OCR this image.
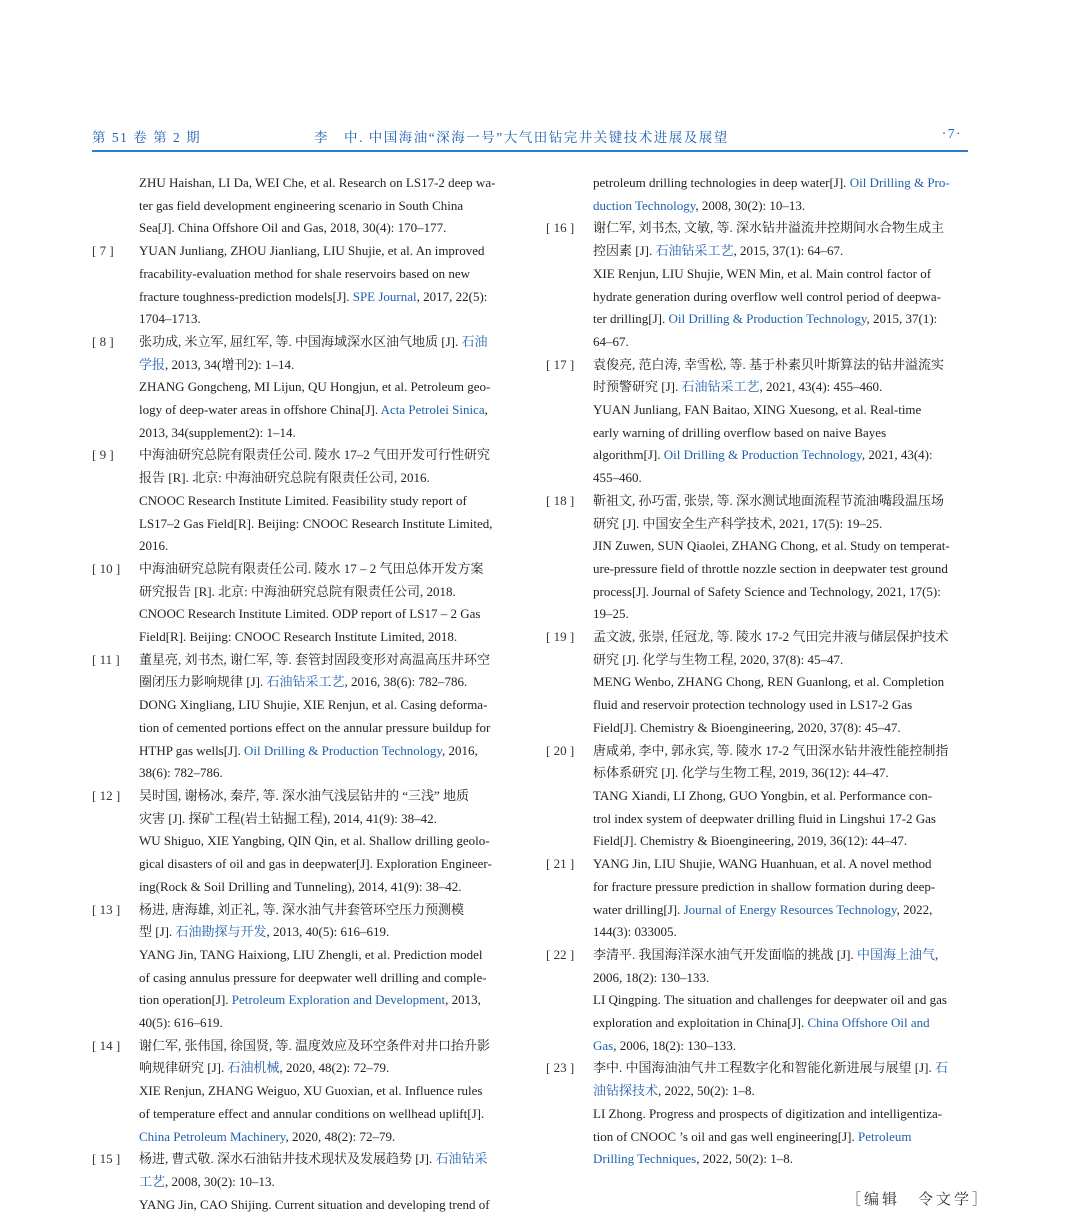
第 51 卷 第 2 期	李　中. 中国海油“深海一号”大气田钻完井关键技术进展及展望	·7·
ZHU Haishan, LI Da, WEI Che, et al. Research on LS17-2 deep wa-
ter gas field development engineering scenario in South China
Sea[J]. China Offshore Oil and Gas, 2018, 30(4): 170–177.
[ 7 ]	YUAN Junliang, ZHOU Jianliang, LIU Shujie, et al. An improved
fracability-evaluation method for shale reservoirs based on new
fracture toughness-prediction models[J]. SPE Journal, 2017, 22(5):
1704–1713.
[ 8 ]	张功成, 米立军, 屈红军, 等. 中国海域深水区油气地质 [J]. 石油
学报, 2013, 34(增刊2): 1–14.
ZHANG Gongcheng, MI Lijun, QU Hongjun, et al. Petroleum geo-
logy of deep-water areas in offshore China[J]. Acta Petrolei Sinica,
2013, 34(supplement2): 1–14.
[ 9 ]	中海油研究总院有限责任公司. 陵水 17–2 气田开发可行性研究
报告 [R]. 北京: 中海油研究总院有限责任公司, 2016.
CNOOC Research Institute Limited. Feasibility study report of
LS17–2 Gas Field[R]. Beijing: CNOOC Research Institute Limited,
2016.
[ 10 ]	中海油研究总院有限责任公司. 陵水 17 – 2 气田总体开发方案
研究报告 [R]. 北京: 中海油研究总院有限责任公司, 2018.
CNOOC Research Institute Limited. ODP report of LS17 – 2 Gas
Field[R]. Beijing: CNOOC Research Institute Limited, 2018.
[ 11 ]	董星亮, 刘书杰, 谢仁军, 等. 套管封固段变形对高温高压井环空
圈闭压力影响规律 [J]. 石油钻采工艺, 2016, 38(6): 782–786.
DONG Xingliang, LIU Shujie, XIE Renjun, et al. Casing deforma-
tion of cemented portions effect on the annular pressure buildup for
HTHP gas wells[J]. Oil Drilling & Production Technology, 2016,
38(6): 782–786.
[ 12 ]	吴时国, 谢杨冰, 秦芹, 等. 深水油气浅层钻井的 “三浅” 地质
灾害 [J]. 探矿工程(岩土钻掘工程), 2014, 41(9): 38–42.
WU Shiguo, XIE Yangbing, QIN Qin, et al. Shallow drilling geolo-
gical disasters of oil and gas in deepwater[J]. Exploration Engineer-
ing(Rock & Soil Drilling and Tunneling), 2014, 41(9): 38–42.
[ 13 ]	杨进, 唐海雄, 刘正礼, 等. 深水油气井套管环空压力预测模
型 [J]. 石油勘探与开发, 2013, 40(5): 616–619.
YANG Jin, TANG Haixiong, LIU Zhengli, et al. Prediction model
of casing annulus pressure for deepwater well drilling and comple-
tion operation[J]. Petroleum Exploration and Development, 2013,
40(5): 616–619.
[ 14 ]	谢仁军, 张伟国, 徐国贤, 等. 温度效应及环空条件对井口抬升影
响规律研究 [J]. 石油机械, 2020, 48(2): 72–79.
XIE Renjun, ZHANG Weiguo, XU Guoxian, et al. Influence rules
of temperature effect and annular conditions on wellhead uplift[J].
China Petroleum Machinery, 2020, 48(2): 72–79.
[ 15 ]	杨进, 曹式敬. 深水石油钻井技术现状及发展趋势 [J]. 石油钻采
工艺, 2008, 30(2): 10–13.
YANG Jin, CAO Shijing. Current situation and developing trend of
petroleum drilling technologies in deep water[J]. Oil Drilling & Pro-
duction Technology, 2008, 30(2): 10–13.
[ 16 ]	谢仁军, 刘书杰, 文敏, 等. 深水钻井溢流井控期间水合物生成主
控因素 [J]. 石油钻采工艺, 2015, 37(1): 64–67.
XIE Renjun, LIU Shujie, WEN Min, et al. Main control factor of
hydrate generation during overflow well control period of deepwa-
ter drilling[J]. Oil Drilling & Production Technology, 2015, 37(1):
64–67.
[ 17 ]	袁俊亮, 范白涛, 幸雪松, 等. 基于朴素贝叶斯算法的钻井溢流实
时预警研究 [J]. 石油钻采工艺, 2021, 43(4): 455–460.
YUAN Junliang, FAN Baitao, XING Xuesong, et al. Real-time
early warning of drilling overflow based on naive Bayes
algorithm[J]. Oil Drilling & Production Technology, 2021, 43(4):
455–460.
[ 18 ]	靳祖文, 孙巧雷, 张崇, 等. 深水测试地面流程节流油嘴段温压场
研究 [J]. 中国安全生产科学技术, 2021, 17(5): 19–25.
JIN Zuwen, SUN Qiaolei, ZHANG Chong, et al. Study on temperat-
ure-pressure field of throttle nozzle section in deepwater test ground
process[J]. Journal of Safety Science and Technology, 2021, 17(5):
19–25.
[ 19 ]	孟文波, 张崇, 任冠龙, 等. 陵水 17-2 气田完井液与储层保护技术
研究 [J]. 化学与生物工程, 2020, 37(8): 45–47.
MENG Wenbo, ZHANG Chong, REN Guanlong, et al. Completion
fluid and reservoir protection technology used in LS17-2 Gas
Field[J]. Chemistry & Bioengineering, 2020, 37(8): 45–47.
[ 20 ]	唐咸弟, 李中, 郭永宾, 等. 陵水 17-2 气田深水钻井液性能控制指
标体系研究 [J]. 化学与生物工程, 2019, 36(12): 44–47.
TANG Xiandi, LI Zhong, GUO Yongbin, et al. Performance con-
trol index system of deepwater drilling fluid in Lingshui 17-2 Gas
Field[J]. Chemistry & Bioengineering, 2019, 36(12): 44–47.
[ 21 ]	YANG Jin, LIU Shujie, WANG Huanhuan, et al. A novel method
for fracture pressure prediction in shallow formation during deep-
water drilling[J]. Journal of Energy Resources Technology, 2022,
144(3): 033005.
[ 22 ]	李清平. 我国海洋深水油气开发面临的挑战 [J]. 中国海上油气,
2006, 18(2): 130–133.
LI Qingping. The situation and challenges for deepwater oil and gas
exploration and exploitation in China[J]. China Offshore Oil and
Gas, 2006, 18(2): 130–133.
[ 23 ]	李中. 中国海油油气井工程数字化和智能化新进展与展望 [J]. 石
油钻探技术, 2022, 50(2): 1–8.
LI Zhong. Progress and prospects of digitization and intelligentiza-
tion of CNOOC ’s oil and gas well engineering[J]. Petroleum
Drilling Techniques, 2022, 50(2): 1–8.
［编辑　令文学］
